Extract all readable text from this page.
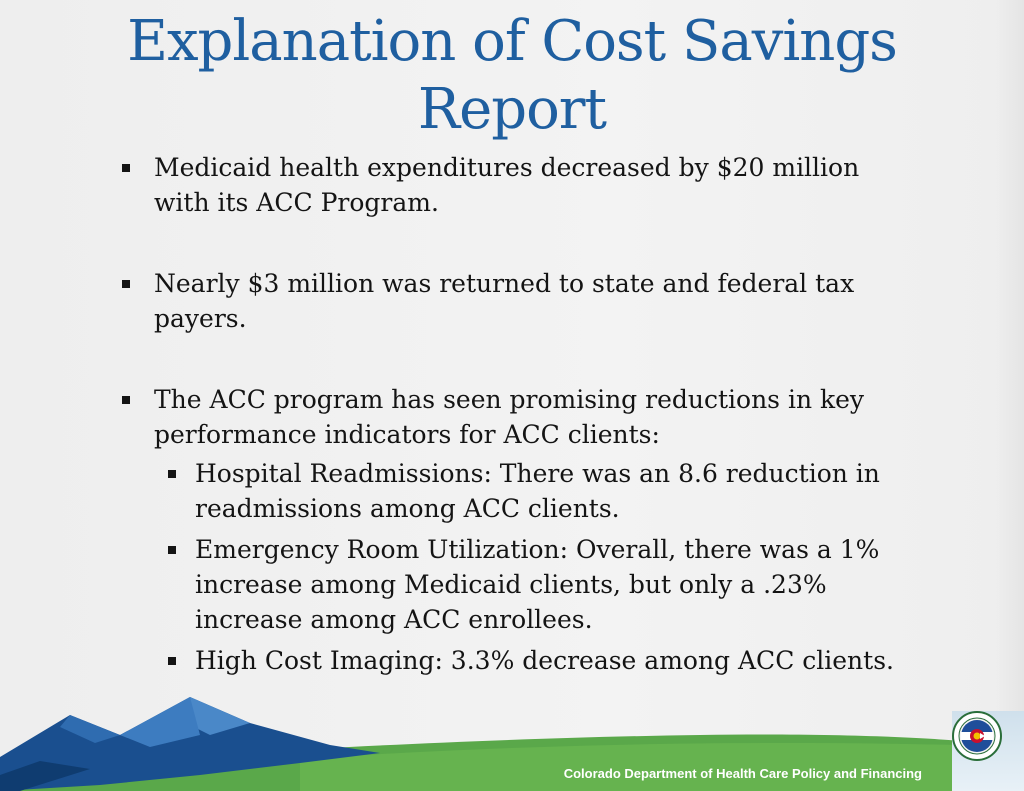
Explanation of Cost Savings
Report
Medicaid health expenditures decreased by $20 million with its ACC Program.
Nearly $3 million was returned to state and federal tax payers.
The ACC program has seen promising reductions in key performance indicators for ACC clients:
Hospital Readmissions: There was an 8.6 reduction in readmissions among ACC clients.
Emergency Room Utilization: Overall, there was a 1% increase among Medicaid clients, but only a .23% increase among ACC enrollees.
High Cost Imaging: 3.3% decrease among ACC clients.
Colorado Department of Health Care Policy and Financing
